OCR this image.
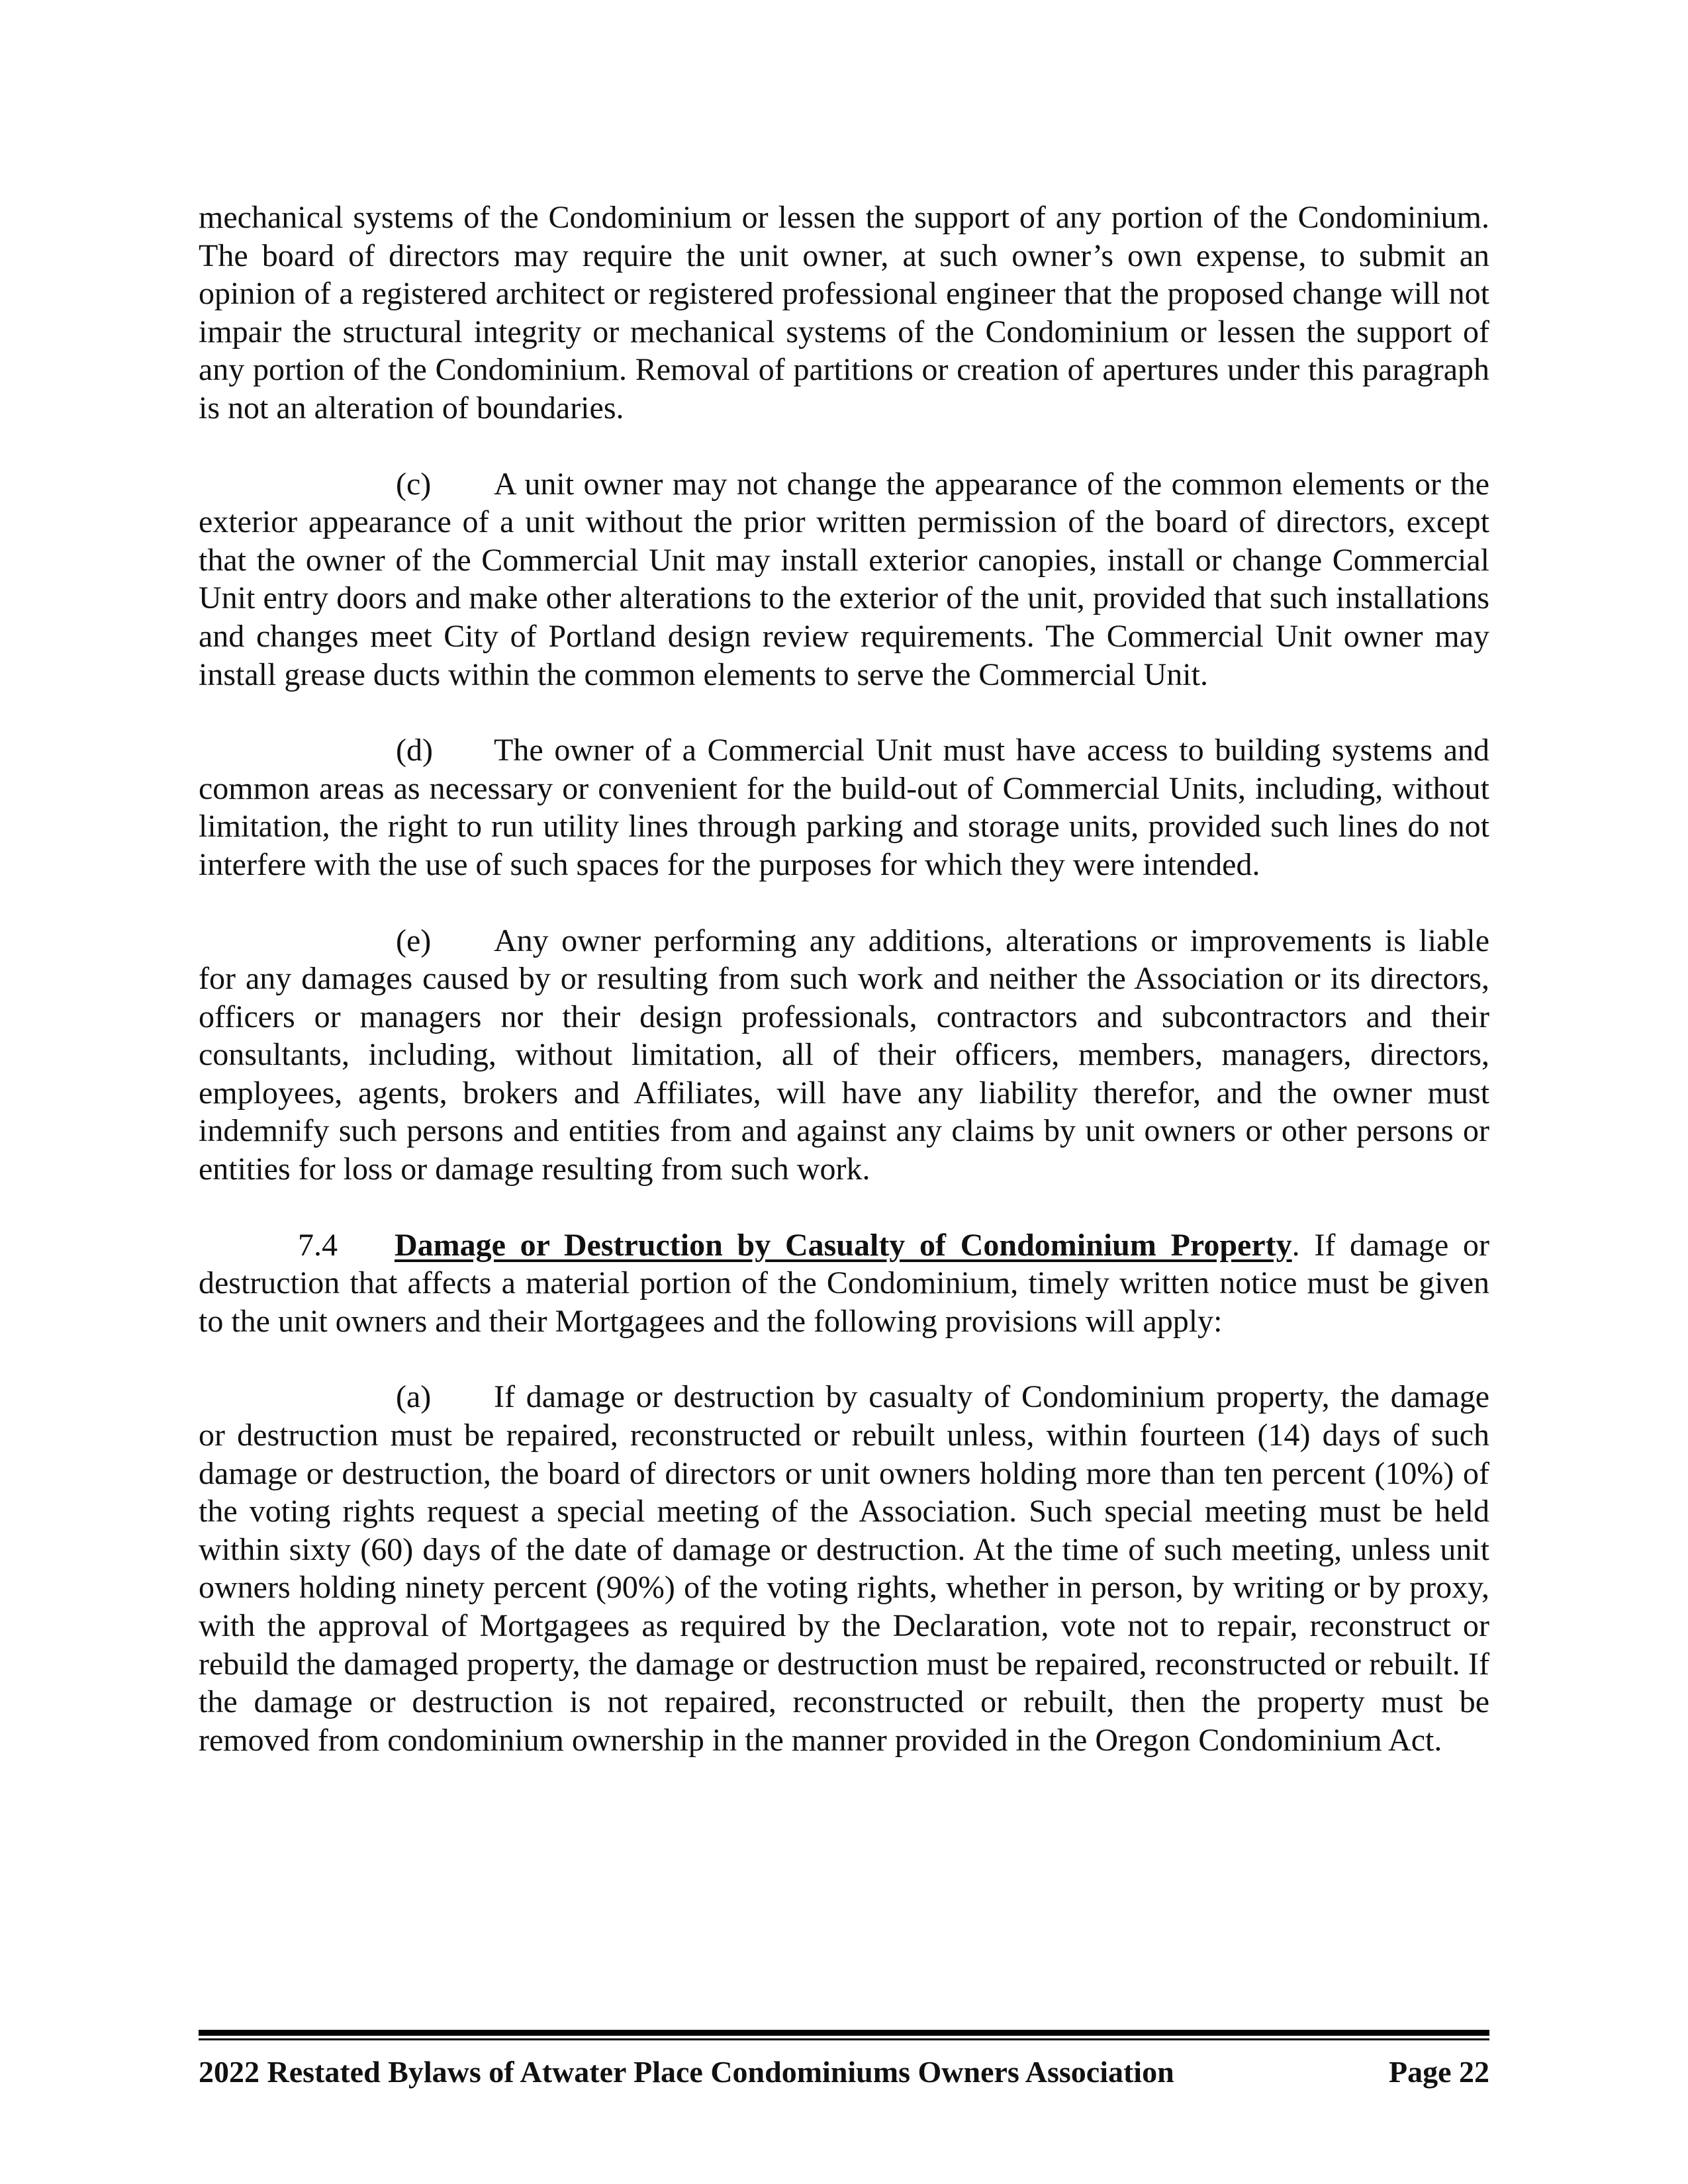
mechanical systems of the Condominium or lessen the support of any portion of the Condominium. The board of directors may require the unit owner, at such owner’s own expense, to submit an opinion of a registered architect or registered professional engineer that the proposed change will not impair the structural integrity or mechanical systems of the Condominium or lessen the support of any portion of the Condominium. Removal of partitions or creation of apertures under this paragraph is not an alteration of boundaries.

(c) A unit owner may not change the appearance of the common elements or the exterior appearance of a unit without the prior written permission of the board of directors, except that the owner of the Commercial Unit may install exterior canopies, install or change Commercial Unit entry doors and make other alterations to the exterior of the unit, provided that such installations and changes meet City of Portland design review requirements. The Commercial Unit owner may install grease ducts within the common elements to serve the Commercial Unit.

(d) The owner of a Commercial Unit must have access to building systems and common areas as necessary or convenient for the build-out of Commercial Units, including, without limitation, the right to run utility lines through parking and storage units, provided such lines do not interfere with the use of such spaces for the purposes for which they were intended.

(e) Any owner performing any additions, alterations or improvements is liable for any damages caused by or resulting from such work and neither the Association or its directors, officers or managers nor their design professionals, contractors and subcontractors and their consultants, including, without limitation, all of their officers, members, managers, directors, employees, agents, brokers and Affiliates, will have any liability therefor, and the owner must indemnify such persons and entities from and against any claims by unit owners or other persons or entities for loss or damage resulting from such work.

7.4 Damage or Destruction by Casualty of Condominium Property. If damage or destruction that affects a material portion of the Condominium, timely written notice must be given to the unit owners and their Mortgagees and the following provisions will apply:

(a) If damage or destruction by casualty of Condominium property, the damage or destruction must be repaired, reconstructed or rebuilt unless, within fourteen (14) days of such damage or destruction, the board of directors or unit owners holding more than ten percent (10%) of the voting rights request a special meeting of the Association. Such special meeting must be held within sixty (60) days of the date of damage or destruction. At the time of such meeting, unless unit owners holding ninety percent (90%) of the voting rights, whether in person, by writing or by proxy, with the approval of Mortgagees as required by the Declaration, vote not to repair, reconstruct or rebuild the damaged property, the damage or destruction must be repaired, reconstructed or rebuilt. If the damage or destruction is not repaired, reconstructed or rebuilt, then the property must be removed from condominium ownership in the manner provided in the Oregon Condominium Act.

2022 Restated Bylaws of Atwater Place Condominiums Owners Association	Page 22
